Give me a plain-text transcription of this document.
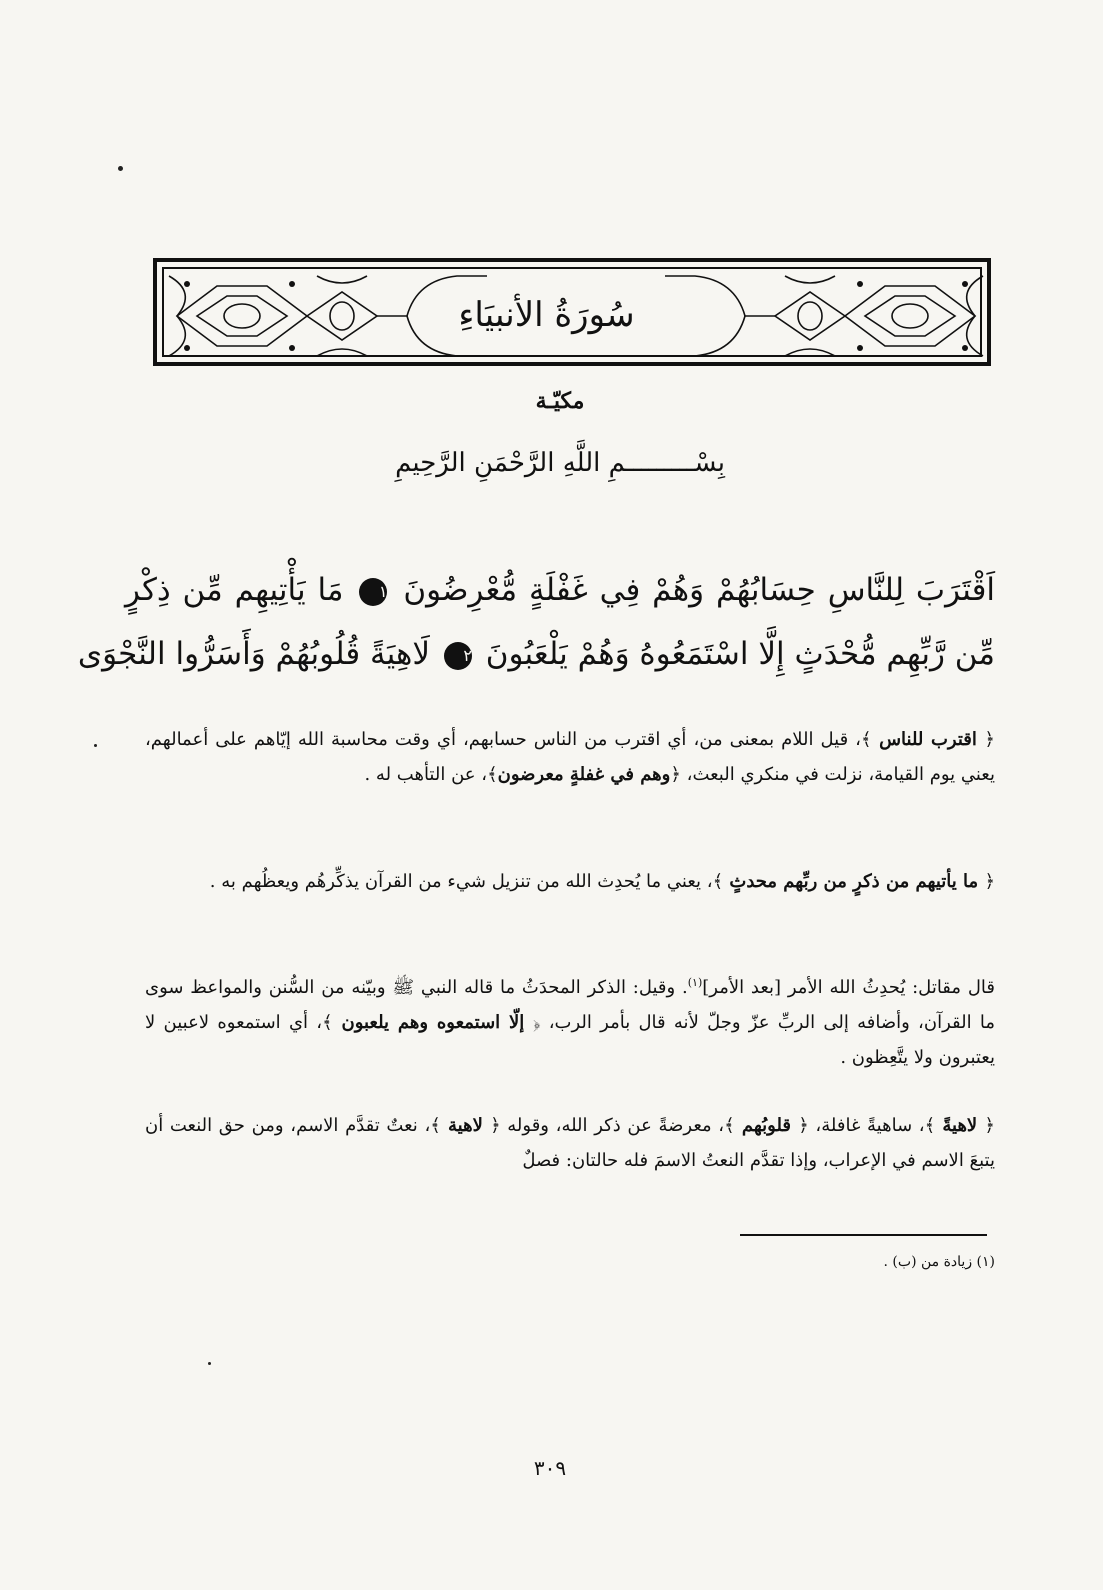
سُورَةُ الأنبيَاءِ
مكيّـة
بِسْـــــــــمِ اللَّهِ الرَّحْمَنِ الرَّحِيمِ
اَقْتَرَبَ لِلنَّاسِ حِسَابُهُمْ وَهُمْ فِي غَفْلَةٍ مُّعْرِضُونَ ١ مَا يَأْتِيهِم مِّن ذِكْرٍ
مِّن رَّبِّهِم مُّحْدَثٍ إِلَّا اسْتَمَعُوهُ وَهُمْ يَلْعَبُونَ ٢ لَاهِيَةً قُلُوبُهُمْ وَأَسَرُّوا النَّجْوَى
﴿ اقترب للناس ﴾، قيل اللام بمعنى من، أي اقترب من الناس حسابهم، أي وقت محاسبة الله إيّاهم على أعمالهم، يعني يوم القيامة، نزلت في منكري البعث، ﴿وهم في غفلةٍ معرضون﴾، عن التأهب له .
﴿ ما يأتيهم من ذكرٍ من ربِّهم محدثٍ ﴾، يعني ما يُحدِث الله من تنزيل شيء من القرآن يذكِّرهُم ويعظُهم به .
قال مقاتل: يُحدِثُ الله الأمر [بعد الأمر]$^{(١)}$. وقيل: الذكر المحدَثُ ما قاله النبي ﷺ وبيّنه من السُّنن والمواعظ سوى ما القرآن، وأضافه إلى الربِّ عزّ وجلّ لأنه قال بأمر الرب، ﴿ إلّا استمعوه وهم يلعبون ﴾، أي استمعوه لاعبين لا يعتبرون ولا يتَّعِظون .
﴿ لاهيةً ﴾، ساهيةً غافلة، ﴿ قلوبُهم ﴾، معرضةً عن ذكر الله، وقوله ﴿ لاهية ﴾، نعتٌ تقدَّم الاسم، ومن حق النعت أن يتبعَ الاسم في الإعراب، وإذا تقدَّم النعتُ الاسمَ فله حالتان: فصلٌ
(١) زيادة من (ب) .
٣٠٩
